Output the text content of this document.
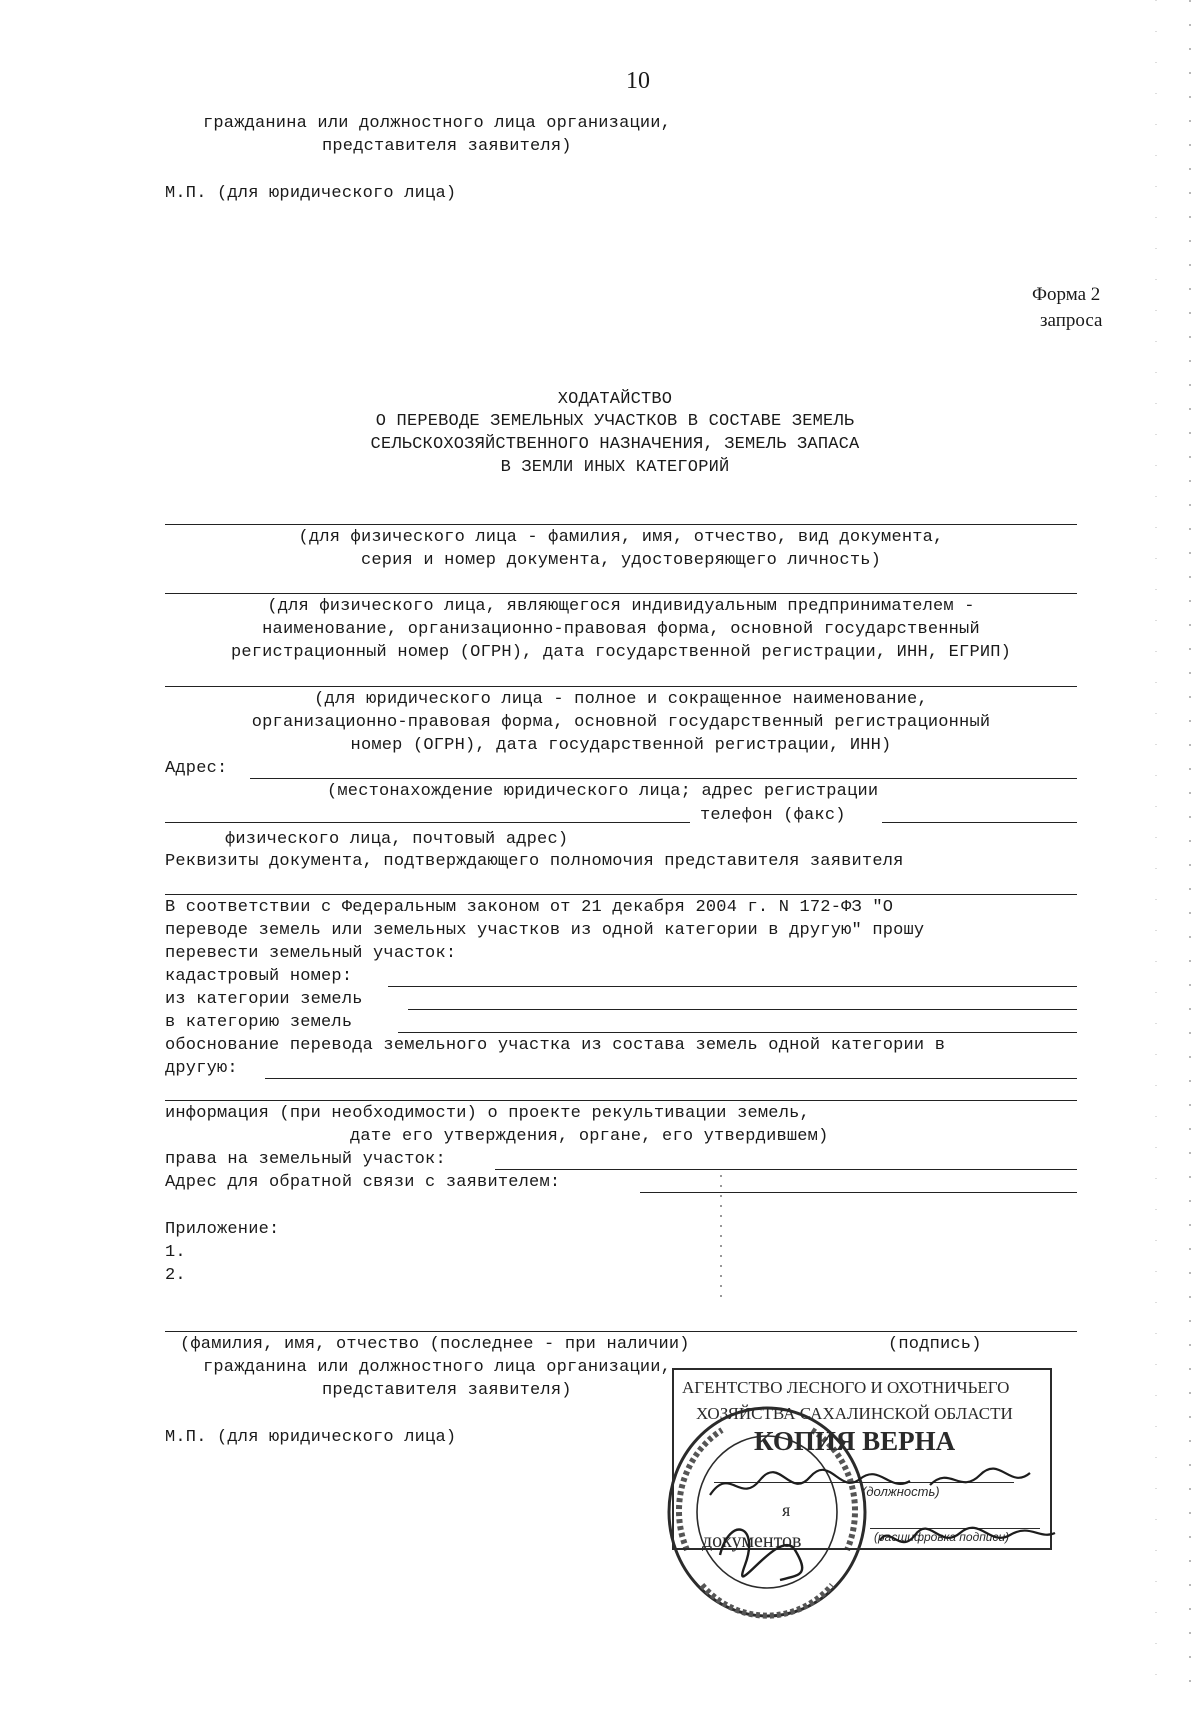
10
гражданина или должностного лица организации,
представителя заявителя)
М.П. (для юридического лица)
Форма 2
запроса
ХОДАТАЙСТВО
О ПЕРЕВОДЕ ЗЕМЕЛЬНЫХ УЧАСТКОВ В СОСТАВЕ ЗЕМЕЛЬ
СЕЛЬСКОХОЗЯЙСТВЕННОГО НАЗНАЧЕНИЯ, ЗЕМЕЛЬ ЗАПАСА
В ЗЕМЛИ ИНЫХ КАТЕГОРИЙ
(для физического лица - фамилия, имя, отчество, вид документа,
серия и номер документа, удостоверяющего личность)
(для физического лица, являющегося индивидуальным предпринимателем -
наименование, организационно-правовая форма, основной государственный
регистрационный номер (ОГРН), дата государственной регистрации, ИНН, ЕГРИП)
(для юридического лица - полное и сокращенное наименование,
организационно-правовая форма, основной государственный регистрационный
номер (ОГРН), дата государственной регистрации, ИНН)
Адрес:
(местонахождение юридического лица; адрес регистрации
телефон (факс)
физического лица, почтовый адрес)
Реквизиты документа, подтверждающего полномочия представителя заявителя
В соответствии с Федеральным законом от 21 декабря 2004 г. N 172-ФЗ "О
переводе земель или земельных участков из одной категории в другую" прошу
перевести земельный участок:
кадастровый номер:
из категории земель
в категорию земель
обоснование перевода земельного участка из состава земель одной категории в
другую:
информация (при необходимости) о проекте рекультивации земель,
дате его утверждения, органе, его утвердившем)
права на земельный участок:
Адрес для обратной связи с заявителем:
Приложение:
1.
2.
(фамилия, имя, отчество (последнее - при наличии)	(подпись)
гражданина или должностного лица организации,
представителя заявителя)
М.П. (для юридического лица)
АГЕНТСТВО ЛЕСНОГО И ОХОТНИЧЬЕГО
ХОЗЯЙСТВА САХАЛИНСКОЙ ОБЛАСТИ
КОПИЯ ВЕРНА
(должность)
(расшифровка подписи)
я
документов
